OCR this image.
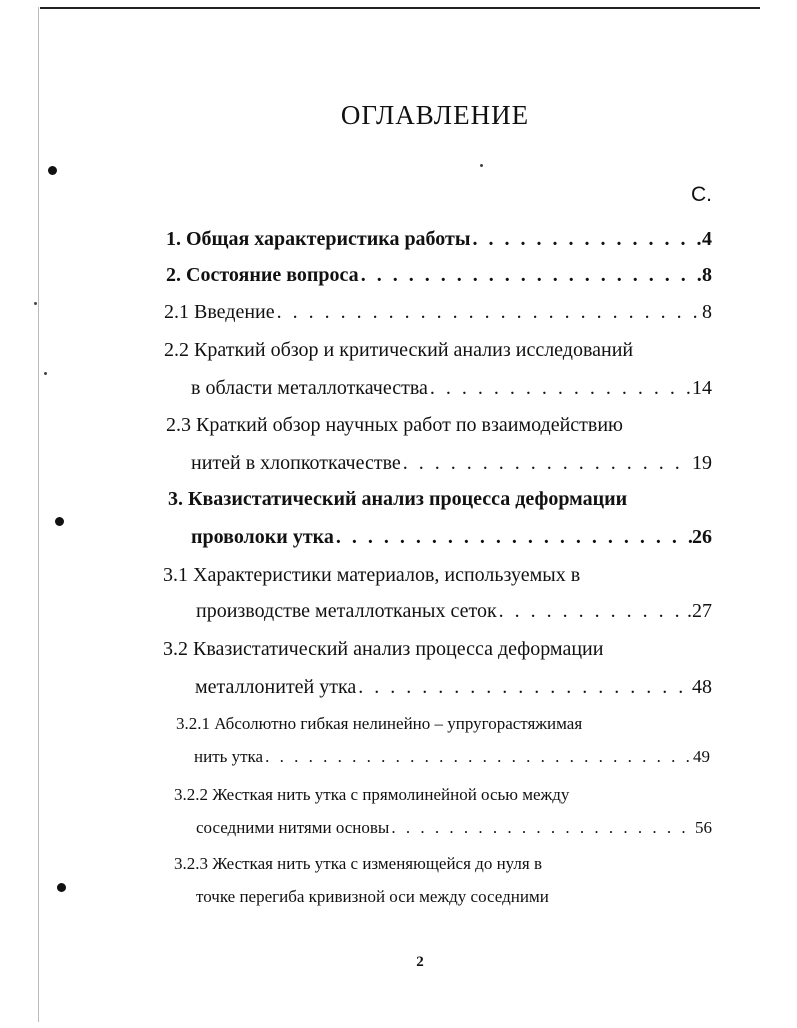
ОГЛАВЛЕНИЕ
С.
1. Общая характеристика работы . . .	4
2. Состояние вопроса . . .	8
2.1 Введение . . .	8
2.2 Краткий обзор и критический анализ исследований
в области металлоткачества . . .	14
2.3 Краткий обзор научных работ по взаимодействию
нитей в хлопкоткачестве . . .	19
3. Квазистатический анализ процесса деформации
проволоки утка . . .	26
3.1 Характеристики материалов, используемых в
производстве металлотканых сеток . . .	.27
3.2 Квазистатический анализ процесса деформации
металлонитей утка . . .	48
3.2.1 Абсолютно гибкая нелинейно – упругорастяжимая
нить утка . . .	49
3.2.2 Жесткая нить утка с прямолинейной осью между
соседними нитями основы . . .	56
3.2.3 Жесткая нить утка с изменяющейся до нуля в
точке перегиба кривизной оси между соседними
2
